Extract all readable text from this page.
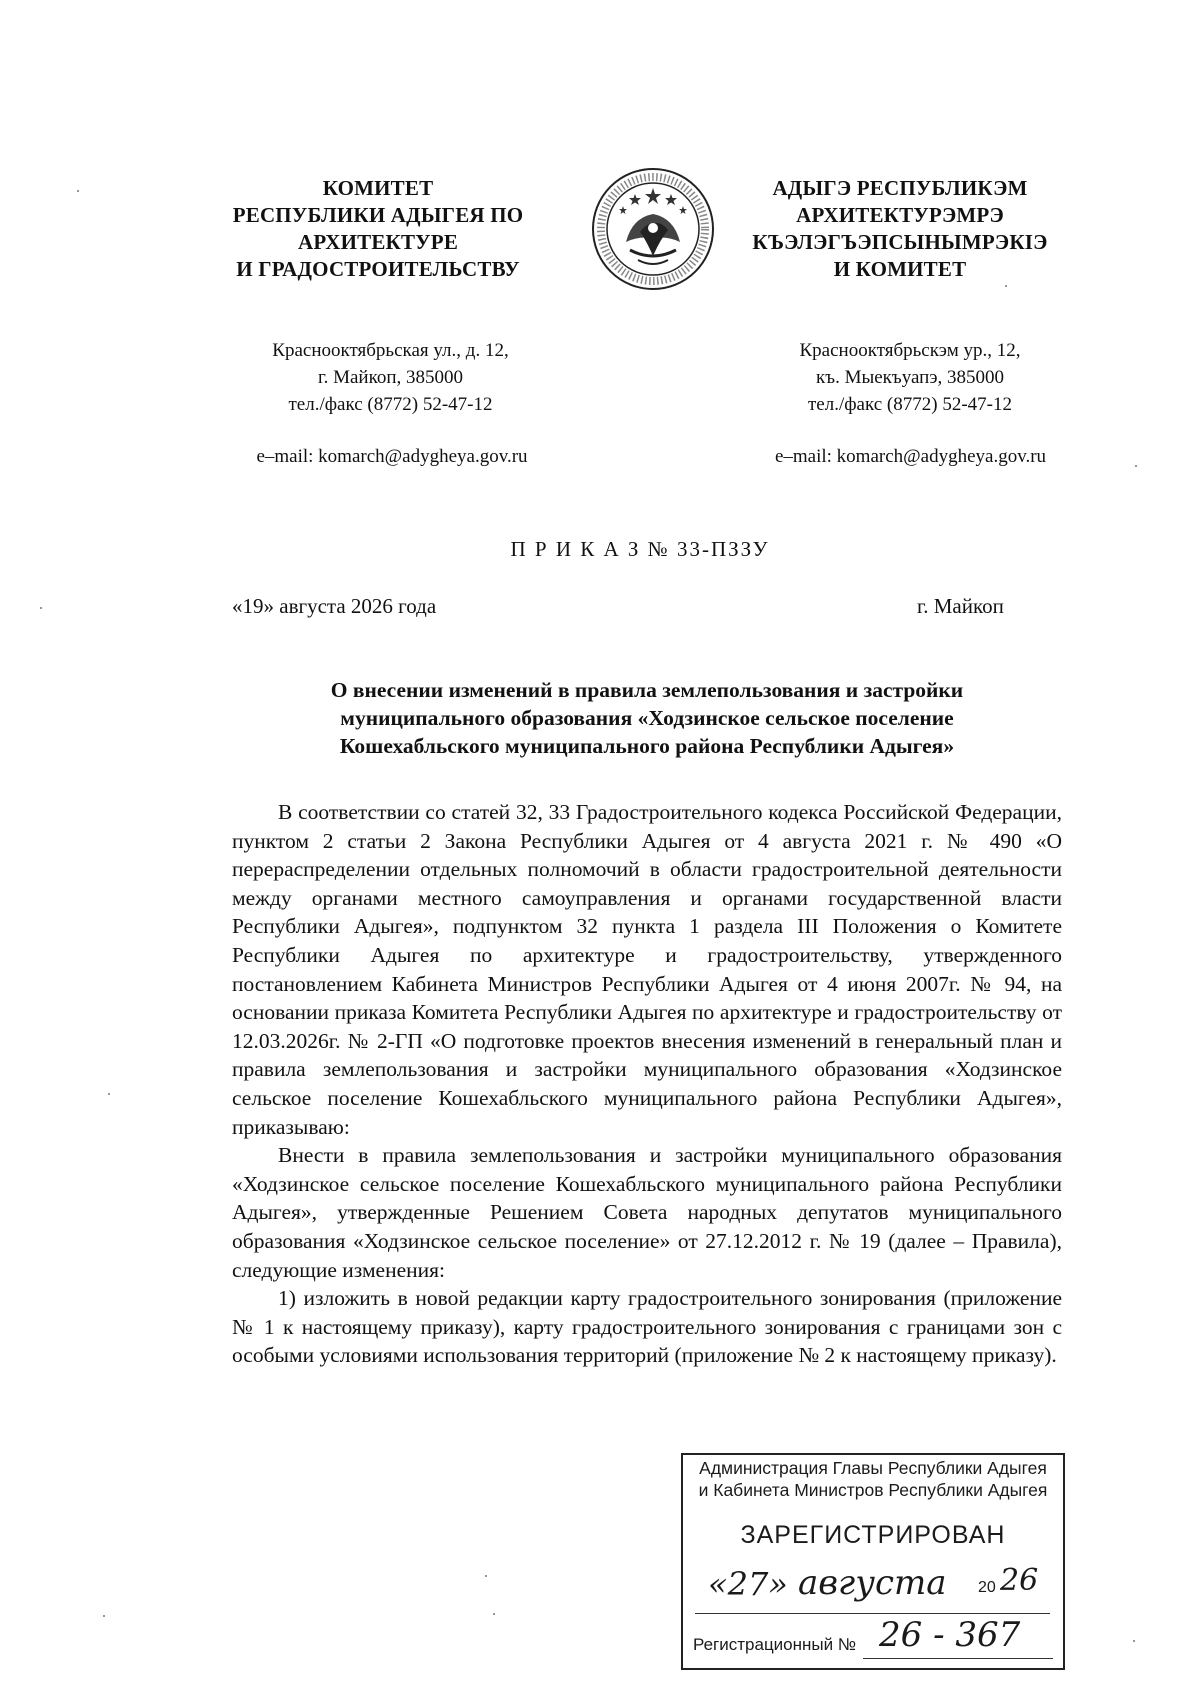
КОМИТЕТ
РЕСПУБЛИКИ АДЫГЕЯ ПО
АРХИТЕКТУРЕ
И ГРАДОСТРОИТЕЛЬСТВУ
АДЫГЭ РЕСПУБЛИКЭМ
АРХИТЕКТУРЭМРЭ
КЪЭЛЭГЪЭПСЫНЫМРЭКIЭ
И КОМИТЕТ
Краснооктябрьская ул., д. 12,
г. Майкоп, 385000
тел./факс (8772) 52-47-12
Краснооктябрьскэм ур., 12,
къ. Мыекъуапэ, 385000
тел./факс (8772) 52-47-12
e–mail: komarch@adygheya.gov.ru	e–mail: komarch@adygheya.gov.ru
П Р И К А З № 33-ПЗЗУ
«19» августа 2026 года	г. Майкоп
О внесении изменений в правила землепользования и застройки
муниципального образования «Ходзинское сельское поселение
Кошехабльского муниципального района Республики Адыгея»

В соответствии со статей 32, 33 Градостроительного кодекса Российской Федерации, пунктом 2 статьи 2 Закона Республики Адыгея от 4 августа 2021 г. № 490 «О перераспределении отдельных полномочий в области градостроительной деятельности между органами местного самоуправления и органами государственной власти Республики Адыгея», подпунктом 32 пункта 1 раздела III Положения о Комитете Республики Адыгея по архитектуре и градостроительству, утвержденного постановлением Кабинета Министров Республики Адыгея от 4 июня 2007г. № 94, на основании приказа Комитета Республики Адыгея по архитектуре и градостроительству от 12.03.2026г. № 2-ГП «О подготовке проектов внесения изменений в генеральный план и правила землепользования и застройки муниципального образования «Ходзинское сельское поселение Кошехабльского муниципального района Республики Адыгея», приказываю:

Внести в правила землепользования и застройки муниципального образования «Ходзинское сельское поселение Кошехабльского муниципального района Республики Адыгея», утвержденные Решением Совета народных депутатов муниципального образования «Ходзинское сельское поселение» от 27.12.2012 г. № 19 (далее – Правила), следующие изменения:

1) изложить в новой редакции карту градостроительного зонирования (приложение № 1 к настоящему приказу), карту градостроительного зонирования с границами зон с особыми условиями использования территорий (приложение № 2 к настоящему приказу).

Администрация Главы Республики Адыгея
и Кабинета Министров Республики Адыгея
ЗАРЕГИСТРИРОВАН
«27» августа 20 26
Регистрационный № 26 - 367
